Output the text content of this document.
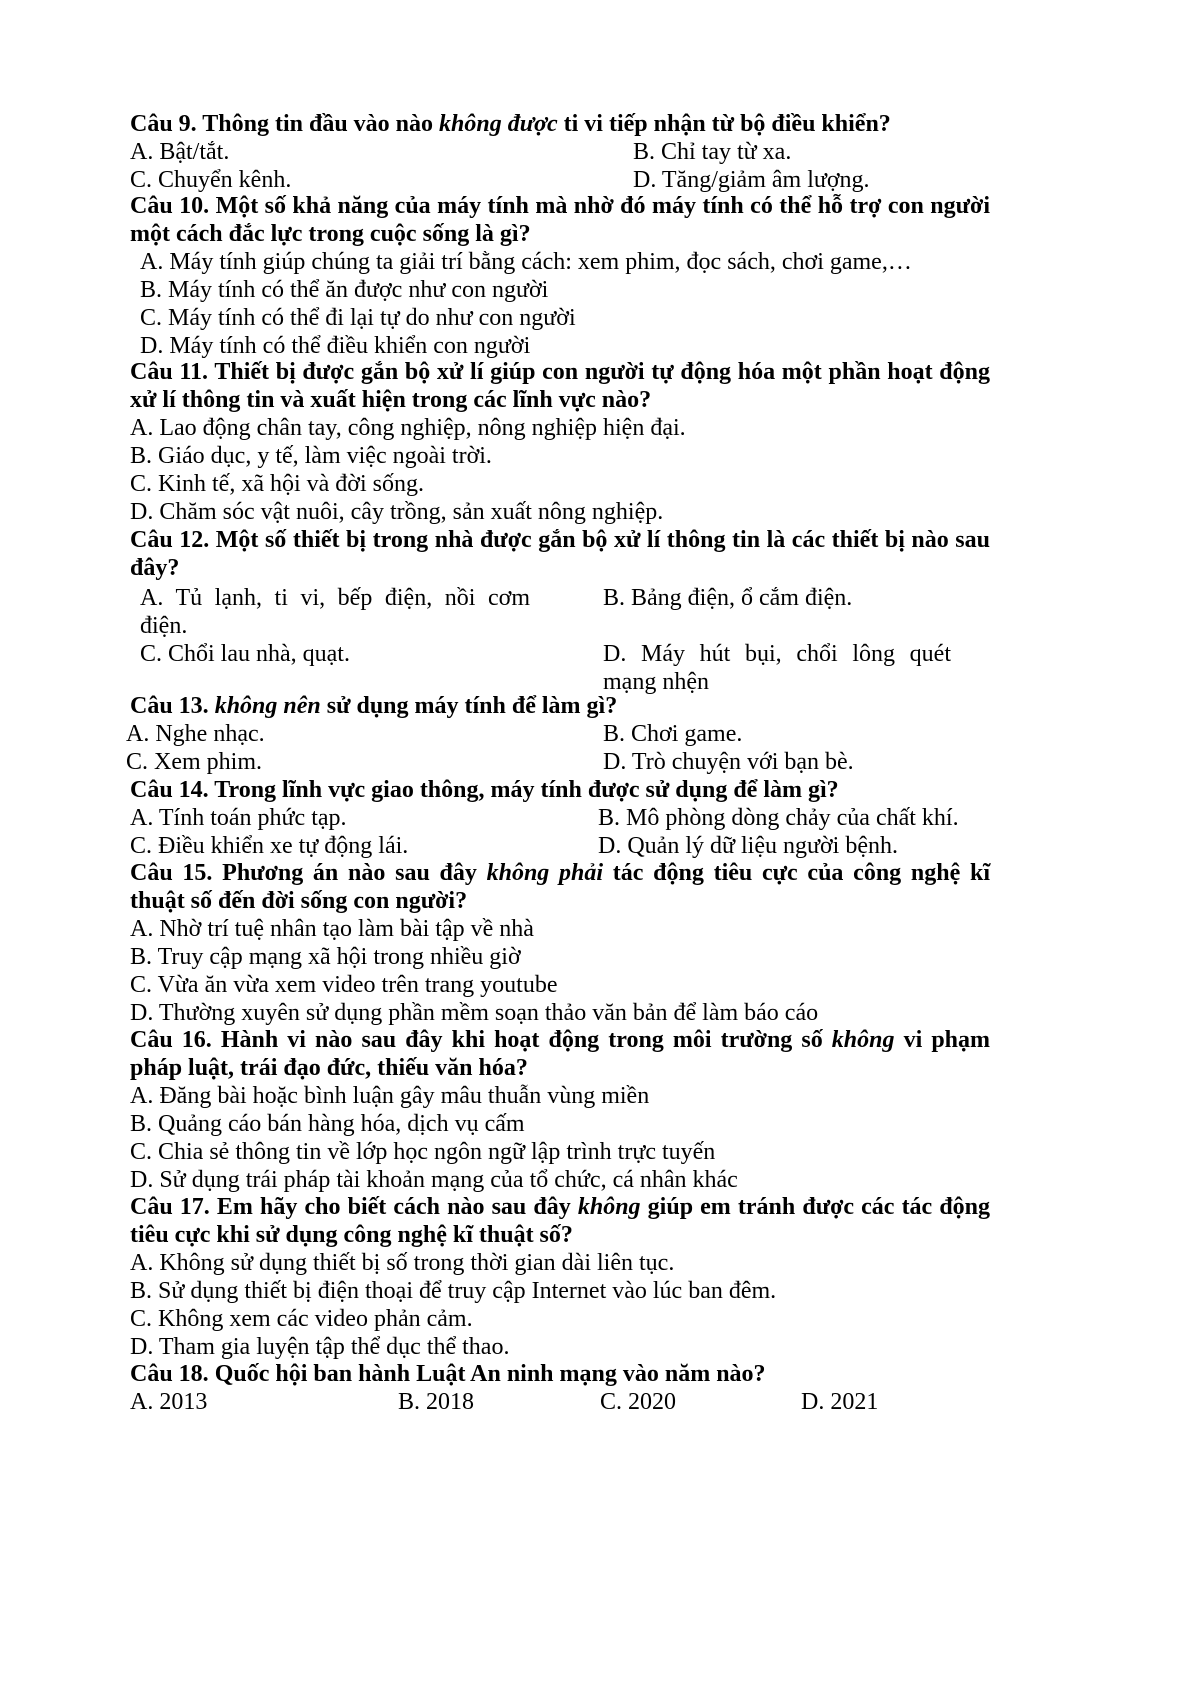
Câu 9. Thông tin đầu vào nào không được ti vi tiếp nhận từ bộ điều khiển?
A. Bật/tắt.	B. Chỉ tay từ xa.
C. Chuyển kênh.	D. Tăng/giảm âm lượng.
Câu 10. Một số khả năng của máy tính mà nhờ đó máy tính có thể hỗ trợ con người một cách đắc lực trong cuộc sống là gì?
A. Máy tính giúp chúng ta giải trí bằng cách: xem phim, đọc sách, chơi game,…
B. Máy tính có thể ăn được như con người
C. Máy tính có thể đi lại tự do như con người
D. Máy tính có thể điều khiển con người
Câu 11. Thiết bị được gắn bộ xử lí giúp con người tự động hóa một phần hoạt động xử lí thông tin và xuất hiện trong các lĩnh vực nào?
A. Lao động chân tay, công nghiệp, nông nghiệp hiện đại.
B. Giáo dục, y tế, làm việc ngoài trời.
C. Kinh tế, xã hội và đời sống.
D. Chăm sóc vật nuôi, cây trồng, sản xuất nông nghiệp.
Câu 12. Một số thiết bị trong nhà được gắn bộ xử lí thông tin là các thiết bị nào sau đây?
A. Tủ lạnh, ti vi, bếp điện, nồi cơm điện.
B. Bảng điện, ổ cắm điện.
C. Chổi lau nhà, quạt.	D. Máy hút bụi, chổi lông quét mạng nhện
Câu 13. không nên sử dụng máy tính để làm gì?
A. Nghe nhạc.	B. Chơi game.
C. Xem phim.	D. Trò chuyện với bạn bè.
Câu 14. Trong lĩnh vực giao thông, máy tính được sử dụng để làm gì?
A. Tính toán phức tạp.	B. Mô phòng dòng chảy của chất khí.
C. Điều khiển xe tự động lái.	D. Quản lý dữ liệu người bệnh.
Câu 15. Phương án nào sau đây không phải tác động tiêu cực của công nghệ kĩ thuật số đến đời sống con người?
A. Nhờ trí tuệ nhân tạo làm bài tập về nhà
B. Truy cập mạng xã hội trong nhiều giờ
C. Vừa ăn vừa xem video trên trang youtube
D. Thường xuyên sử dụng phần mềm soạn thảo văn bản để làm báo cáo
Câu 16. Hành vi nào sau đây khi hoạt động trong môi trường số không vi phạm pháp luật, trái đạo đức, thiếu văn hóa?
A. Đăng bài hoặc bình luận gây mâu thuẫn vùng miền
B. Quảng cáo bán hàng hóa, dịch vụ cấm
C. Chia sẻ thông tin về lớp học ngôn ngữ lập trình trực tuyến
D. Sử dụng trái pháp tài khoản mạng của tổ chức, cá nhân khác
Câu 17. Em hãy cho biết cách nào sau đây không giúp em tránh được các tác động tiêu cực khi sử dụng công nghệ kĩ thuật số?
A. Không sử dụng thiết bị số trong thời gian dài liên tục.
B. Sử dụng thiết bị điện thoại để truy cập Internet vào lúc ban đêm.
C. Không xem các video phản cảm.
D. Tham gia luyện tập thể dục thể thao.
Câu 18. Quốc hội ban hành Luật An ninh mạng vào năm nào?
A. 2013	B. 2018	C. 2020	D. 2021
